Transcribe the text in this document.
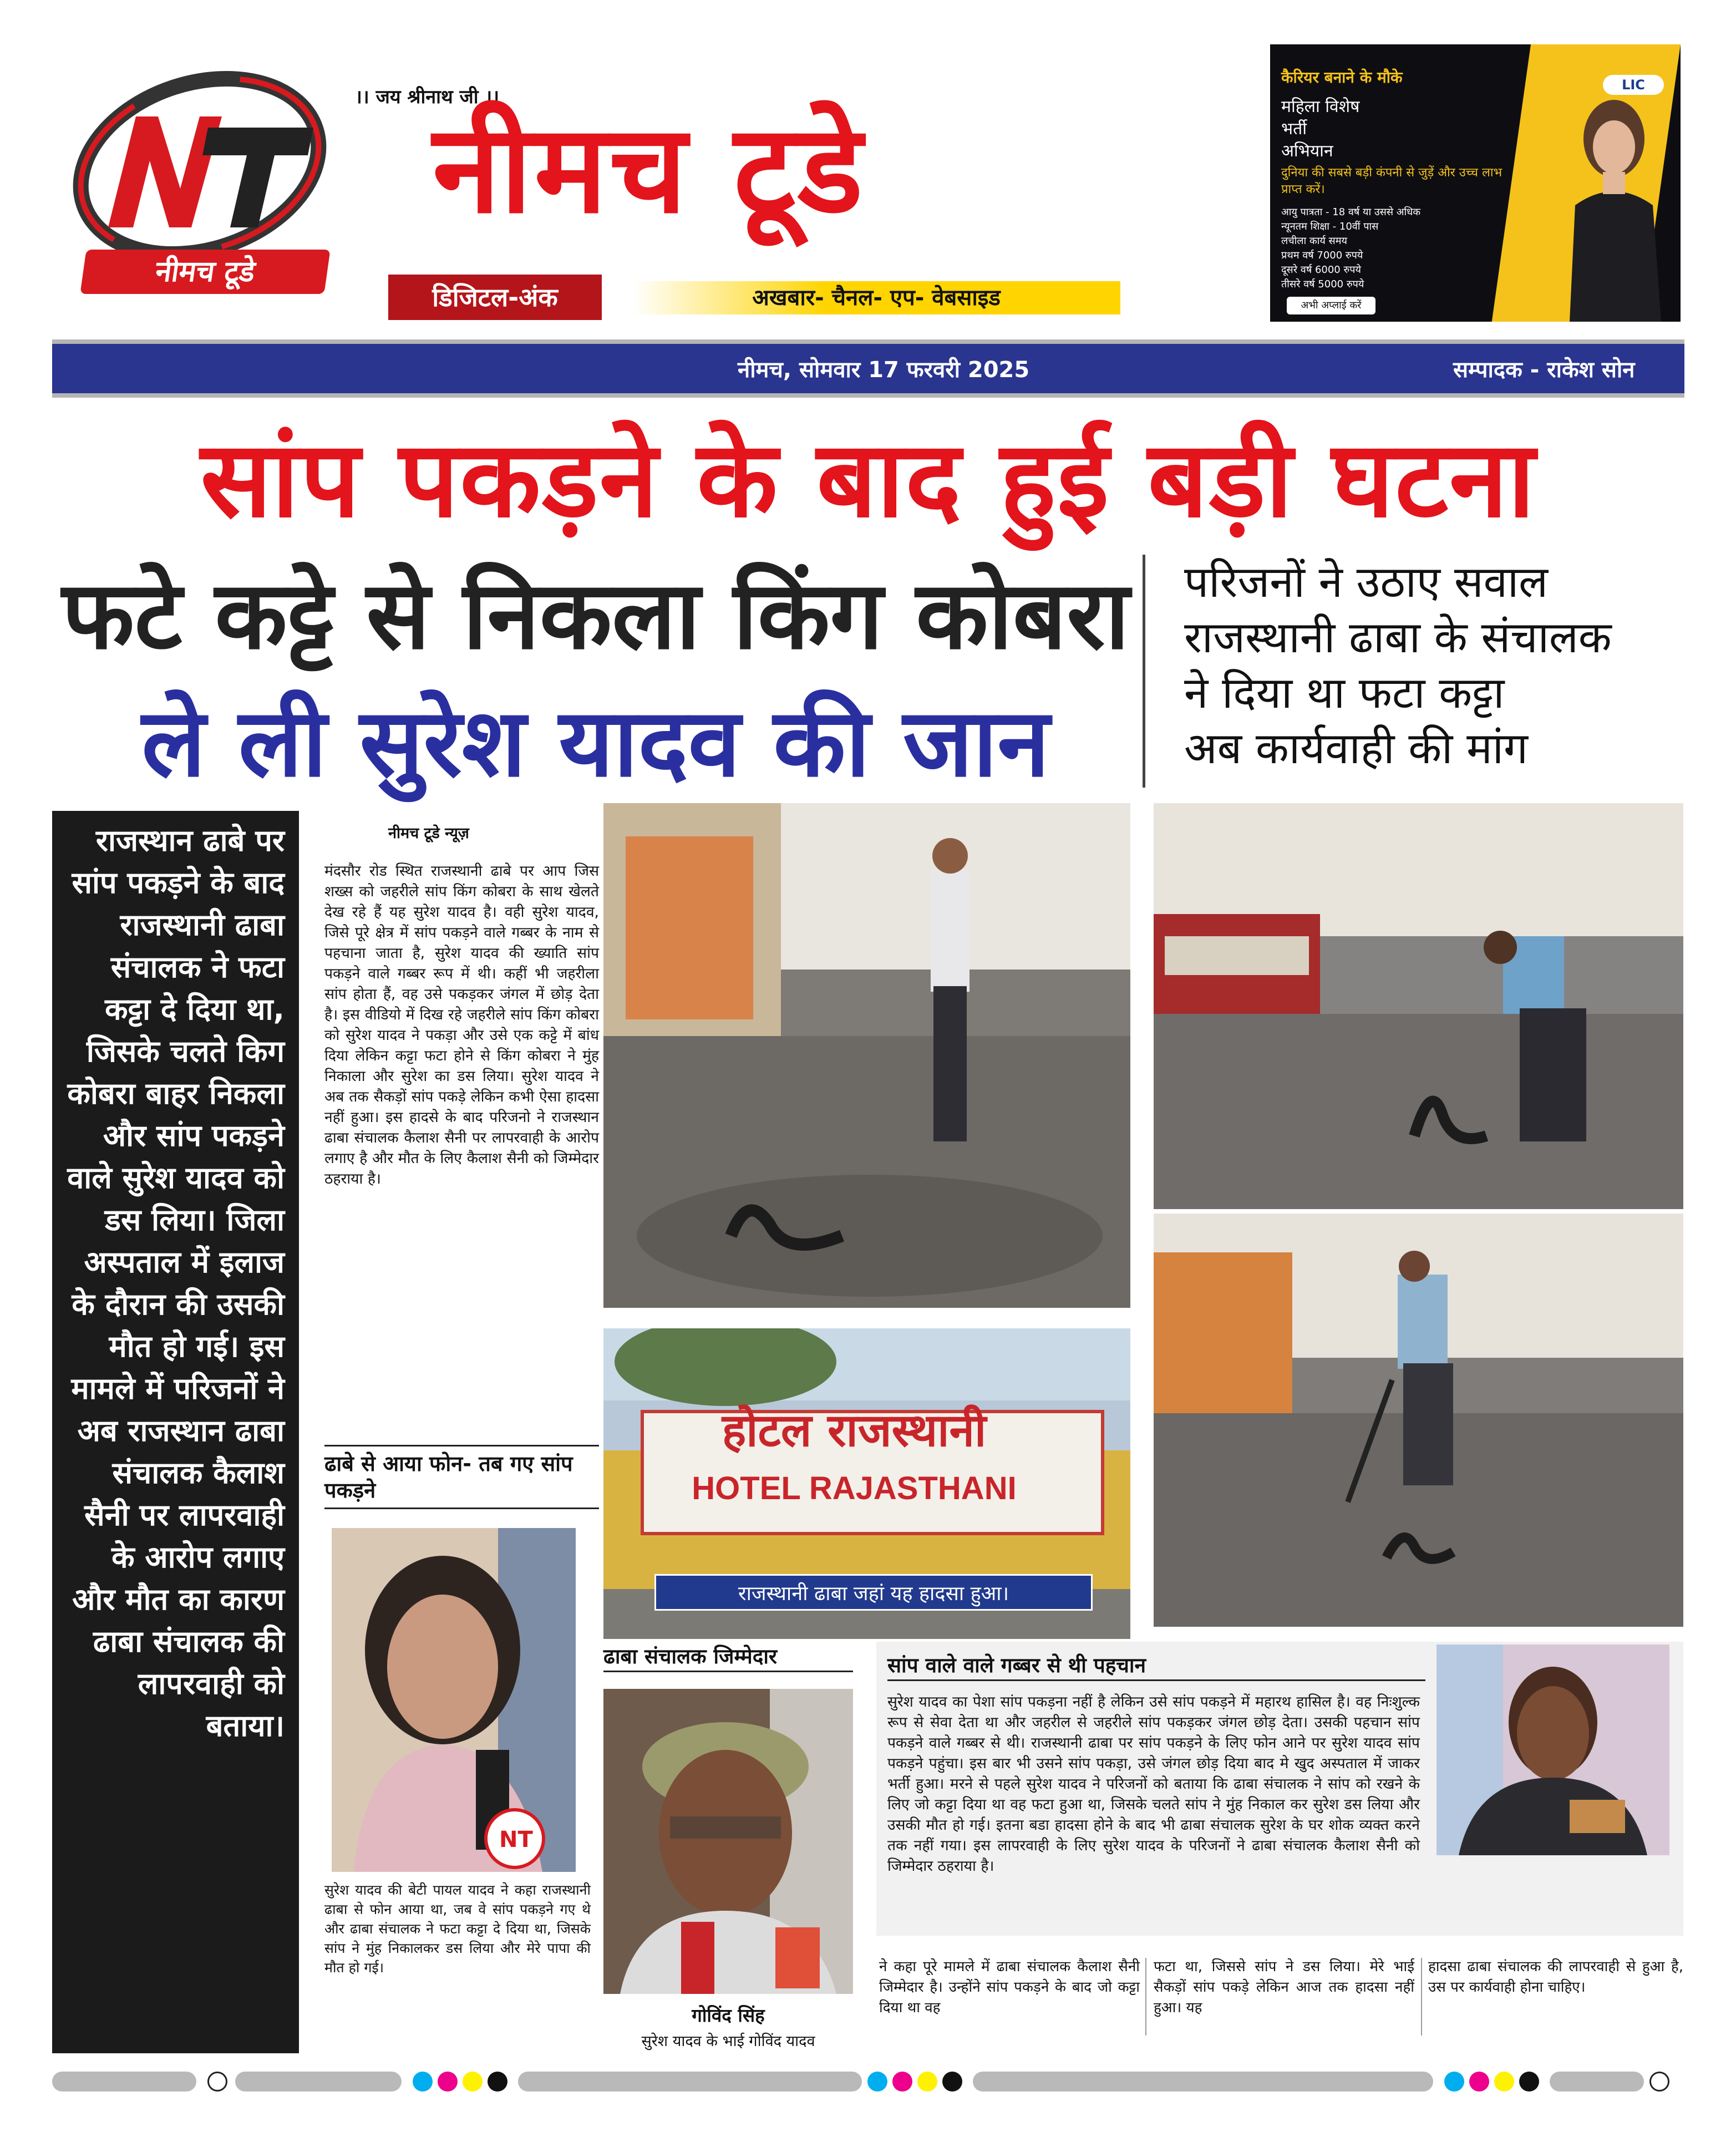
नीमच टूडे
।। जय श्रीनाथ जी ।।
नीमच टूडे
डिजिटल-अंक	अखबार- चैनल- एप- वेबसाइड
कैरियर बनाने के मौके
महिला विशेष
भर्ती
अभियान
दुनिया की सबसे बड़ी कंपनी से जुड़ें और उच्च लाभ प्राप्त करें।
आयु पात्रता - 18 वर्ष या उससे अधिक
न्यूनतम शिक्षा - 10वीं पास
लचीला कार्य समय
प्रथम वर्ष 7000 रुपये
दूसरे वर्ष 6000 रुपये
तीसरे वर्ष 5000 रुपये
अभी अप्लाई करें
LIC
नीमच, सोमवार 17 फरवरी 2025	सम्पादक - राकेश सोन
सांप पकड़ने के बाद हुई बड़ी घटना
फटे कट्टे से निकला किंग कोबरा
ले ली सुरेश यादव की जान
परिजनों ने उठाए सवाल
राजस्थानी ढाबा के संचालक
ने दिया था फटा कट्टा
अब कार्यवाही की मांग
राजस्थान ढाबे पर सांप पकड़ने के बाद राजस्थानी ढाबा संचालक ने फटा कट्टा दे दिया था, जिसके चलते किग कोबरा बाहर निकला और सांप पकड़ने वाले सुरेश यादव को डस लिया। जिला अस्पताल में इलाज के दौरान की उसकी मौत हो गई। इस मामले में परिजनों ने अब राजस्थान ढाबा संचालक कैलाश सैनी पर लापरवाही के आरोप लगाए और मौत का कारण ढाबा संचालक की लापरवाही को बताया।
नीमच टूडे न्यूज़
मंदसौर रोड स्थित राजस्थानी ढाबे पर आप जिस शख्स को जहरीले सांप किंग कोबरा के साथ खेलते देख रहे हैं यह सुरेश यादव है। वही सुरेश यादव, जिसे पूरे क्षेत्र में सांप पकड़ने वाले गब्बर के नाम से पहचाना जाता है, सुरेश यादव की ख्याति सांप पकड़ने वाले गब्बर रूप में थी। कहीं भी जहरीला सांप होता हैं, वह उसे पकड़कर जंगल में छोड़ देता है। इस वीडियो में दिख रहे जहरीले सांप किंग कोबरा को सुरेश यादव ने पकड़ा और उसे एक कट्टे में बांध दिया लेकिन कट्टा फटा होने से किंग कोबरा ने मुंह निकाला और सुरेश का डस लिया। सुरेश यादव ने अब तक सैकड़ों सांप पकड़े लेकिन कभी ऐसा हादसा नहीं हुआ। इस हादसे के बाद परिजनो ने राजस्थान ढाबा संचालक कैलाश सैनी पर लापरवाही के आरोप लगाए है और मौत के लिए कैलाश सैनी को जिम्मेदार ठहराया है।
ढाबे से आया फोन- तब गए सांप पकड़ने
होटल राजस्थानी
HOTEL RAJASTHANI
राजस्थानी ढाबा जहां यह हादसा हुआ।
NT
सुरेश यादव की बेटी पायल यादव ने कहा राजस्थानी ढाबा से फोन आया था, जब वे सांप पकड़ने गए थे और ढाबा संचालक ने फटा कट्टा दे दिया था, जिसके सांप ने मुंह निकालकर डस लिया और मेरे पापा की मौत हो गई।
ढाबा संचालक जिम्मेदार
गोविंद सिंह
सुरेश यादव के भाई गोविंद यादव
सांप वाले वाले गब्बर से थी पहचान
सुरेश यादव का पेशा सांप पकड़ना नहीं है लेकिन उसे सांप पकड़ने में महारथ हासिल है। वह निःशुल्क रूप से सेवा देता था और जहरील से जहरीले सांप पकड़कर जंगल छोड़ देता। उसकी पहचान सांप पकड़ने वाले गब्बर से थी। राजस्थानी ढाबा पर सांप पकड़ने के लिए फोन आने पर सुरेश यादव सांप पकड़ने पहुंचा। इस बार भी उसने सांप पकड़ा, उसे जंगल छोड़ दिया बाद मे खुद अस्पताल में जाकर भर्ती हुआ। मरने से पहले सुरेश यादव ने परिजनों को बताया कि ढाबा संचालक ने सांप को रखने के लिए जो कट्टा दिया था वह फटा हुआ था, जिसके चलते सांप ने मुंह निकाल कर सुरेश डस लिया और उसकी मौत हो गई। इतना बडा हादसा होने के बाद भी ढाबा संचालक सुरेश के घर शोक व्यक्त करने तक नहीं गया। इस लापरवाही के लिए सुरेश यादव के परिजनों ने ढाबा संचालक कैलाश सैनी को जिम्मेदार ठहराया है।
ने कहा पूरे मामले में ढाबा संचालक कैलाश सैनी जिम्मेदार है। उन्होंने सांप पकड़ने के बाद जो कट्टा दिया था वह
फटा था, जिससे सांप ने डस लिया। मेरे भाई सैकड़ों सांप पकड़े लेकिन आज तक हादसा नहीं हुआ। यह
हादसा ढाबा संचालक की लापरवाही से हुआ है, उस पर कार्यवाही होना चाहिए।
